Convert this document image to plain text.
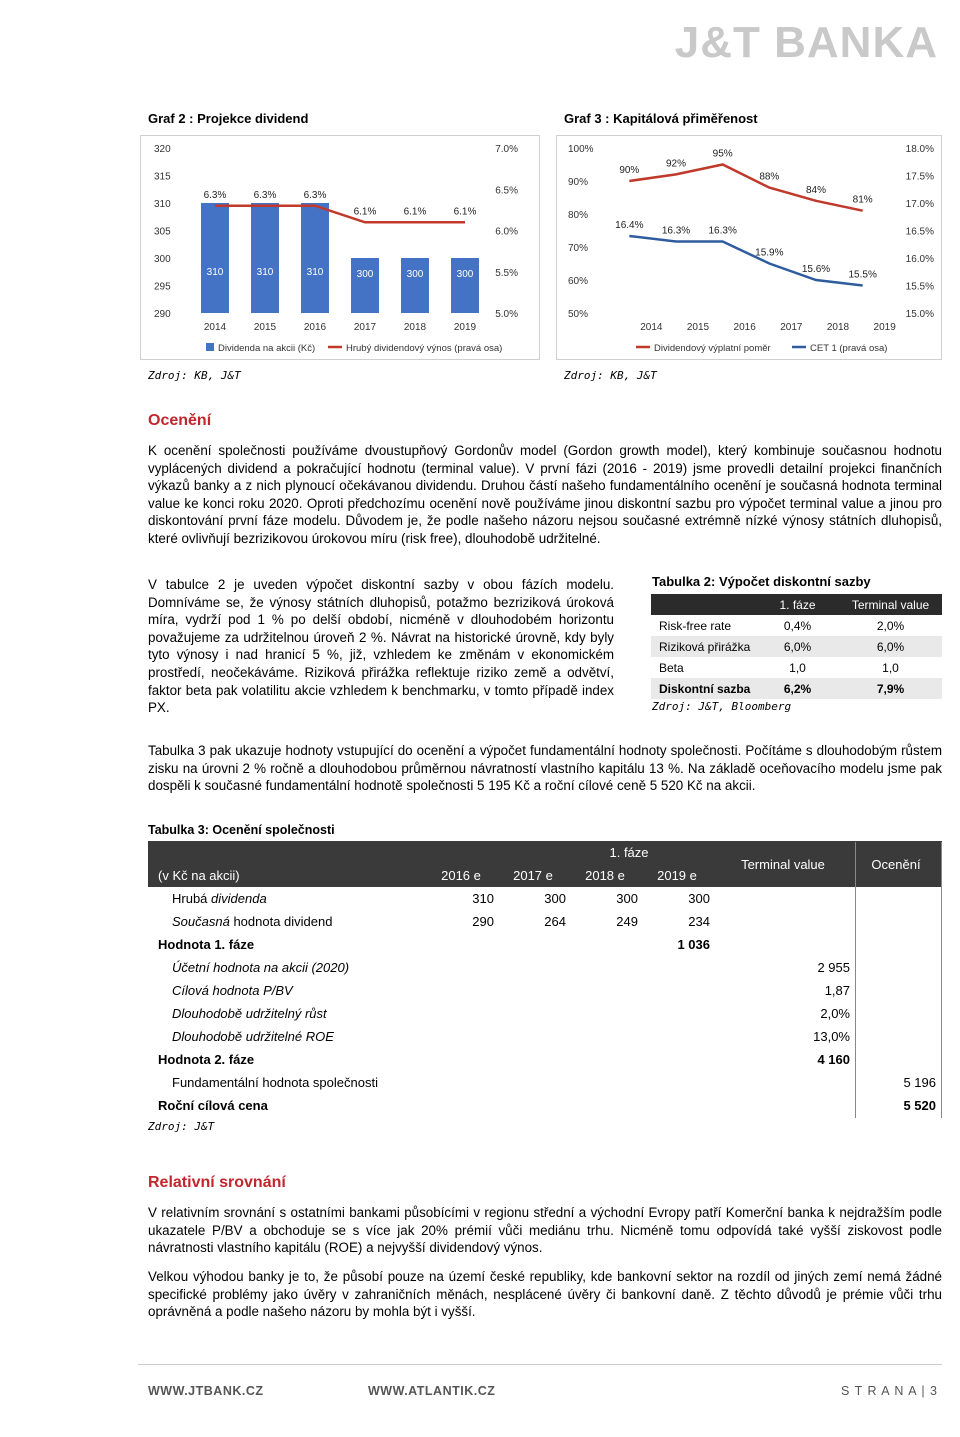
J&T BANKA
Graf 2 : Projekce dividend	Graf 3 : Kapitálová přiměřenost
320
315
310
305
300
295
290
7.0%
6.5%
6.0%
5.5%
5.0%
310	310	310	300	300	300
6.3%	6.3%	6.3%
6.1%	6.1%	6.1%
2014	2015	2016	2017	2018	2019
Dividenda na akcii (Kč)	Hrubý dividendový výnos (pravá osa)
100%
90%
80%
70%
60%
50%
18.0%
17.5%
17.0%
16.5%
16.0%
15.5%
15.0%
90%
92%
95%
88%
84%
81%
16.4% 16.3% 16.3%
15.9%
15.6% 15.5%
2014 2015 2016 2017 2018 2019
Dividendový výplatní poměr	CET 1 (pravá osa)
Zdroj: KB, J&T	Zdroj: KB, J&T
Ocenění
K ocenění společnosti používáme dvoustupňový Gordonův model (Gordon growth model), který kombinuje současnou hodnotu vyplácených dividend a pokračující hodnotu (terminal value). V první fázi (2016 - 2019) jsme provedli detailní projekci finančních výkazů banky a z nich plynoucí očekávanou dividendu. Druhou částí našeho fundamentálního ocenění je současná hodnota terminal value ke konci roku 2020. Oproti předchozímu ocenění nově používáme jinou diskontní sazbu pro výpočet terminal value a jinou pro diskontování první fáze modelu. Důvodem je, že podle našeho názoru nejsou současné extrémně nízké výnosy státních dluhopisů, které ovlivňují bezrizikovou úrokovou míru (risk free), dlouhodobě udržitelné.
V tabulce 2 je uveden výpočet diskontní sazby v obou fázích modelu. Domníváme se, že výnosy státních dluhopisů, potažmo bezriziková úroková míra, vydrží pod 1 % po delší období, nicméně v dlouhodobém horizontu považujeme za udržitelnou úroveň 2 %. Návrat na historické úrovně, kdy byly tyto výnosy i nad hranicí 5 %, již, vzhledem ke změnám v ekonomickém prostředí, neočekáváme. Riziková přirážka reflektuje riziko země a odvětví, faktor beta pak volatilitu akcie vzhledem k benchmarku, v tomto případě index PX.
Tabulka 2: Výpočet diskontní sazby
	1. fáze	Terminal value
Risk-free rate	0,4%	2,0%
Riziková přirážka	6,0%	6,0%
Beta	1,0	1,0
Diskontní sazba	6,2%	7,9%
Zdroj: J&T, Bloomberg
Tabulka 3 pak ukazuje hodnoty vstupující do ocenění a výpočet fundamentální hodnoty společnosti. Počítáme s dlouhodobým růstem zisku na úrovni 2 % ročně a dlouhodobou průměrnou návratností vlastního kapitálu 13 %. Na základě oceňovacího modelu jsme pak dospěli k současné fundamentální hodnotě společnosti 5 195 Kč a roční cílové ceně 5 520 Kč na akcii.
Tabulka 3: Ocenění společnosti
	1. fáze				Terminal value	Ocenění
(v Kč na akcii)	2016 e	2017 e	2018 e	2019 e		
Hrubá dividenda	310	300	300	300		
Současná hodnota dividend	290	264	249	234		
Hodnota 1. fáze				1 036		
Účetní hodnota na akcii (2020)					2 955	
Cílová hodnota P/BV					1,87	
Dlouhodobě udržitelný růst					2,0%	
Dlouhodobě udržitelné ROE					13,0%	
Hodnota 2. fáze					4 160	
Fundamentální hodnota společnosti						5 196
Roční cílová cena						5 520
Zdroj: J&T
Relativní srovnání
V relativním srovnání s ostatními bankami působícími v regionu střední a východní Evropy patří Komerční banka k nejdražším podle ukazatele P/BV a obchoduje se s více jak 20% prémií vůči mediánu trhu. Nicméně tomu odpovídá také vyšší ziskovost podle návratnosti vlastního kapitálu (ROE) a nejvyšší dividendový výnos.
Velkou výhodou banky je to, že působí pouze na území české republiky, kde bankovní sektor na rozdíl od jiných zemí nemá žádné specifické problémy jako úvěry v zahraničních měnách, nesplácené úvěry či bankovní daně. Z těchto důvodů je prémie vůči trhu oprávněná a podle našeho názoru by mohla být i vyšší.
WWW.JTBANK.CZ	WWW.ATLANTIK.CZ	S T R A N A | 3
